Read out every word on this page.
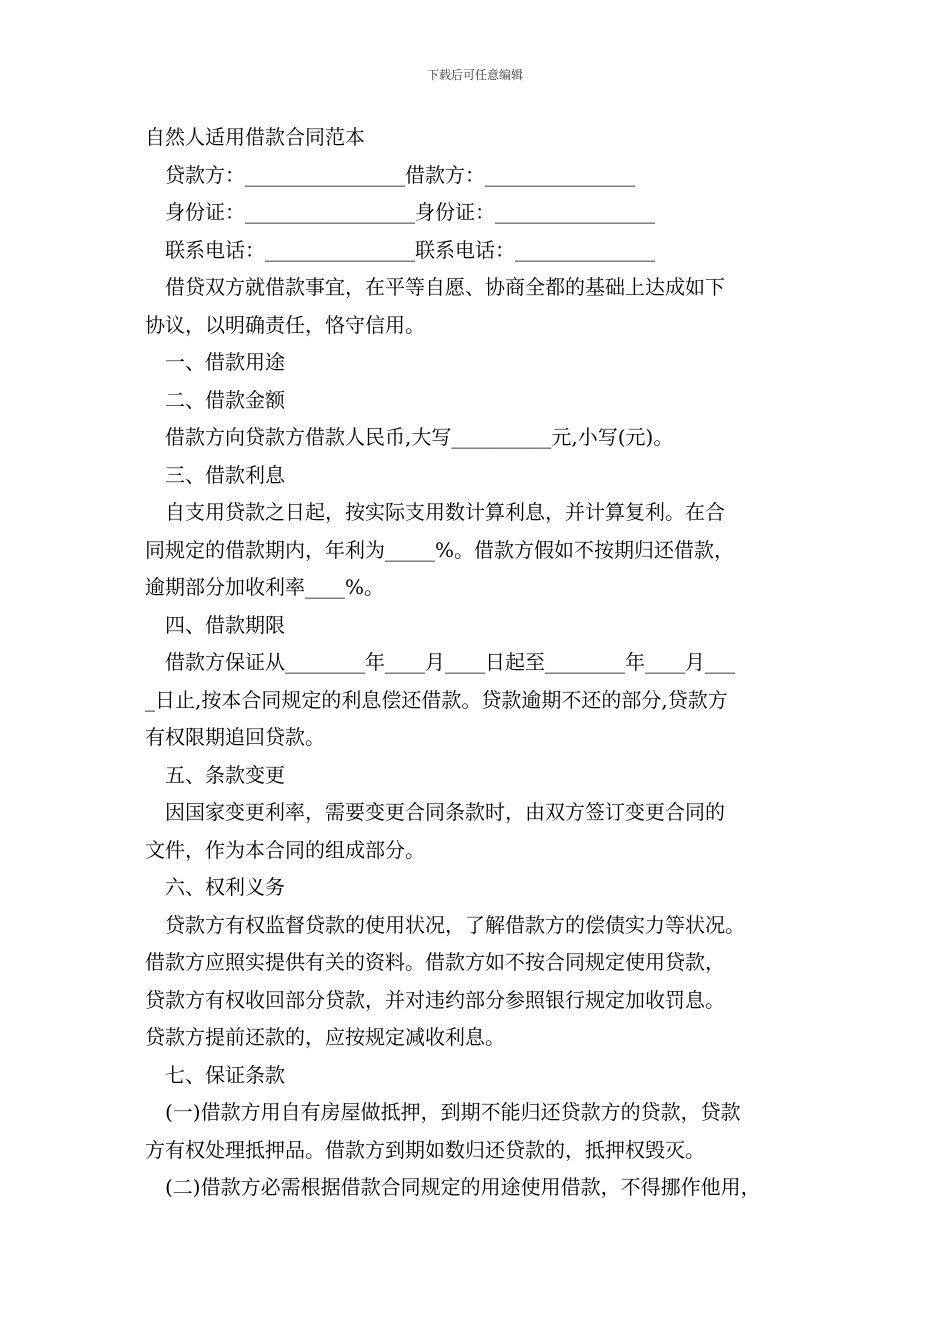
下载后可任意编辑
自然人适用借款合同范本
贷款方：________________借款方：_______________
身份证：_________________身份证：________________
联系电话：_______________联系电话：______________
借贷双方就借款事宜，在平等自愿、协商全都的基础上达成如下
协议，以明确责任，恪守信用。
一、借款用途
二、借款金额
借款方向贷款方借款人民币,大写__________元,小写(元)。
三、借款利息
自支用贷款之日起，按实际支用数计算利息，并计算复利。在合
同规定的借款期内，年利为_____%。借款方假如不按期归还借款，
逾期部分加收利率____%。
四、借款期限
借款方保证从________年____月____日起至________年____月___
_日止,按本合同规定的利息偿还借款。贷款逾期不还的部分,贷款方
有权限期追回贷款。
五、条款变更
因国家变更利率，需要变更合同条款时，由双方签订变更合同的
文件，作为本合同的组成部分。
六、权利义务
贷款方有权监督贷款的使用状况，了解借款方的偿债实力等状况。
借款方应照实提供有关的资料。借款方如不按合同规定使用贷款，
贷款方有权收回部分贷款，并对违约部分参照银行规定加收罚息。
贷款方提前还款的，应按规定减收利息。
七、保证条款
(一)借款方用自有房屋做抵押，到期不能归还贷款方的贷款，贷款
方有权处理抵押品。借款方到期如数归还贷款的，抵押权毁灭。
(二)借款方必需根据借款合同规定的用途使用借款，不得挪作他用，
